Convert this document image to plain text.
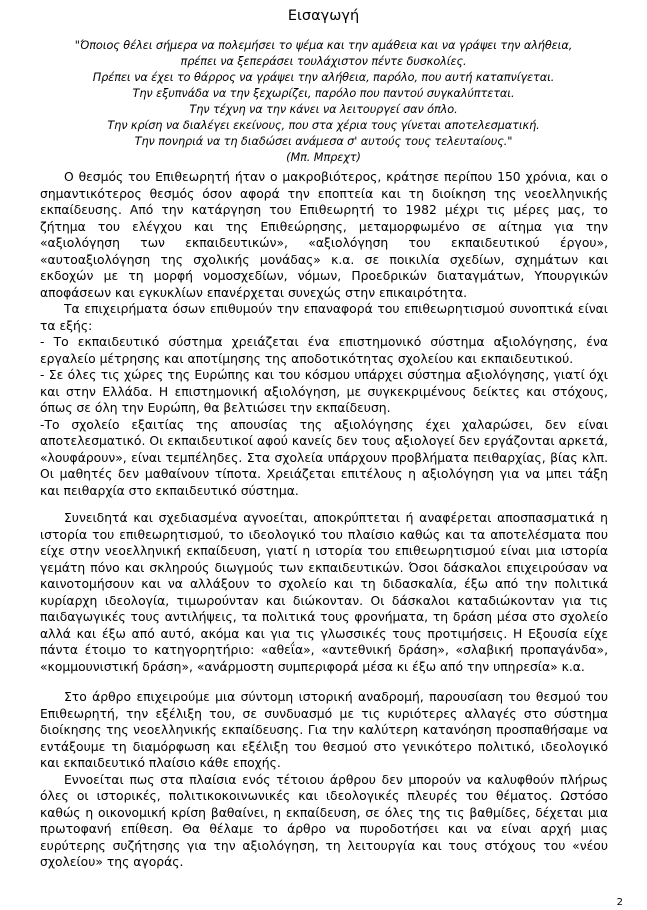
Εισαγωγή
"Όποιος θέλει σήμερα να πολεμήσει το ψέμα και την αμάθεια και να γράψει την αλήθεια,
πρέπει να ξεπεράσει τουλάχιστον πέντε δυσκολίες.
Πρέπει να έχει το θάρρος να γράψει την αλήθεια, παρόλο, που αυτή καταπνίγεται.
Την εξυπνάδα να την ξεχωρίζει, παρόλο που παντού συγκαλύπτεται.
Την τέχνη να την κάνει να λειτουργεί σαν όπλο.
Την κρίση να διαλέγει εκείνους, που στα χέρια τους γίνεται αποτελεσματική.
Την πονηριά να τη διαδώσει ανάμεσα σ' αυτούς τους τελευταίους."
(Μπ. Μπρεχτ)

Ο θεσμός του Επιθεωρητή ήταν ο μακροβιότερος, κράτησε περίπου 150 χρόνια, και ο σημαντικότερος θεσμός όσον αφορά την εποπτεία και τη διοίκηση της νεοελληνικής εκπαίδευσης. Από την κατάργηση του Επιθεωρητή το 1982 μέχρι τις μέρες μας, το ζήτημα του ελέγχου και της Επιθεώρησης, μεταμορφωμένο σε αίτημα για την «αξιολόγηση των εκπαιδευτικών», «αξιολόγηση του εκπαιδευτικού έργου», «αυτοαξιολόγηση της σχολικής μονάδας» κ.α. σε ποικιλία σχεδίων, σχημάτων και εκδοχών με τη μορφή νομοσχεδίων, νόμων, Προεδρικών διαταγμάτων, Υπουργικών αποφάσεων και εγκυκλίων επανέρχεται συνεχώς στην επικαιρότητα.

Τα επιχειρήματα όσων επιθυμούν την επαναφορά του επιθεωρητισμού συνοπτικά είναι τα εξής:

- Το εκπαιδευτικό σύστημα χρειάζεται ένα επιστημονικό σύστημα αξιολόγησης, ένα εργαλείο μέτρησης και αποτίμησης της αποδοτικότητας σχολείου και εκπαιδευτικού.

- Σε όλες τις χώρες της Ευρώπης και του κόσμου υπάρχει σύστημα αξιολόγησης, γιατί όχι και στην Ελλάδα. Η επιστημονική αξιολόγηση, με συγκεκριμένους δείκτες και στόχους, όπως σε όλη την Ευρώπη, θα βελτιώσει την εκπαίδευση.

-Το σχολείο εξαιτίας της απουσίας της αξιολόγησης έχει χαλαρώσει, δεν είναι αποτελεσματικό. Οι εκπαιδευτικοί αφού κανείς δεν τους αξιολογεί δεν εργάζονται αρκετά, «λουφάρουν», είναι τεμπέληδες. Στα σχολεία υπάρχουν προβλήματα πειθαρχίας, βίας κλπ. Οι μαθητές δεν μαθαίνουν τίποτα. Χρειάζεται επιτέλους η αξιολόγηση για να μπει τάξη και πειθαρχία στο εκπαιδευτικό σύστημα.

Συνειδητά και σχεδιασμένα αγνοείται, αποκρύπτεται ή αναφέρεται αποσπασματικά η ιστορία του επιθεωρητισμού, το ιδεολογικό του πλαίσιο καθώς και τα αποτελέσματα που είχε στην νεοελληνική εκπαίδευση, γιατί η ιστορία του επιθεωρητισμού είναι μια ιστορία γεμάτη πόνο και σκληρούς διωγμούς των εκπαιδευτικών. Όσοι δάσκαλοι επιχειρούσαν να καινοτομήσουν και να αλλάξουν το σχολείο και τη διδασκαλία, έξω από την πολιτικά κυρίαρχη ιδεολογία, τιμωρούνταν και διώκονταν. Οι δάσκαλοι καταδιώκονταν για τις παιδαγωγικές τους αντιλήψεις, τα πολιτικά τους φρονήματα, τη δράση μέσα στο σχολείο αλλά και έξω από αυτό, ακόμα και για τις γλωσσικές τους προτιμήσεις. Η Εξουσία είχε πάντα έτοιμο το κατηγορητήριο: «αθεΐα», «αντεθνική δράση», «σλαβική προπαγάνδα», «κομμουνιστική δράση», «ανάρμοστη συμπεριφορά μέσα κι έξω από την υπηρεσία» κ.α.

Στο άρθρο επιχειρούμε μια σύντομη ιστορική αναδρομή, παρουσίαση του θεσμού του Επιθεωρητή, την εξέλιξη του, σε συνδυασμό με τις κυριότερες αλλαγές στο σύστημα διοίκησης της νεοελληνικής εκπαίδευσης. Για την καλύτερη κατανόηση προσπαθήσαμε να εντάξουμε τη διαμόρφωση και εξέλιξη του θεσμού στο γενικότερο πολιτικό, ιδεολογικό και εκπαιδευτικό πλαίσιο κάθε εποχής.

Εννοείται πως στα πλαίσια ενός τέτοιου άρθρου δεν μπορούν να καλυφθούν πλήρως όλες οι ιστορικές, πολιτικοκοινωνικές και ιδεολογικές πλευρές του θέματος. Ωστόσο καθώς η οικονομική κρίση βαθαίνει, η εκπαίδευση, σε όλες της τις βαθμίδες, δέχεται μια πρωτοφανή επίθεση. Θα θέλαμε το άρθρο να πυροδοτήσει και να είναι αρχή μιας ευρύτερης συζήτησης για την αξιολόγηση, τη λειτουργία και τους στόχους του «νέου σχολείου» της αγοράς.

2
